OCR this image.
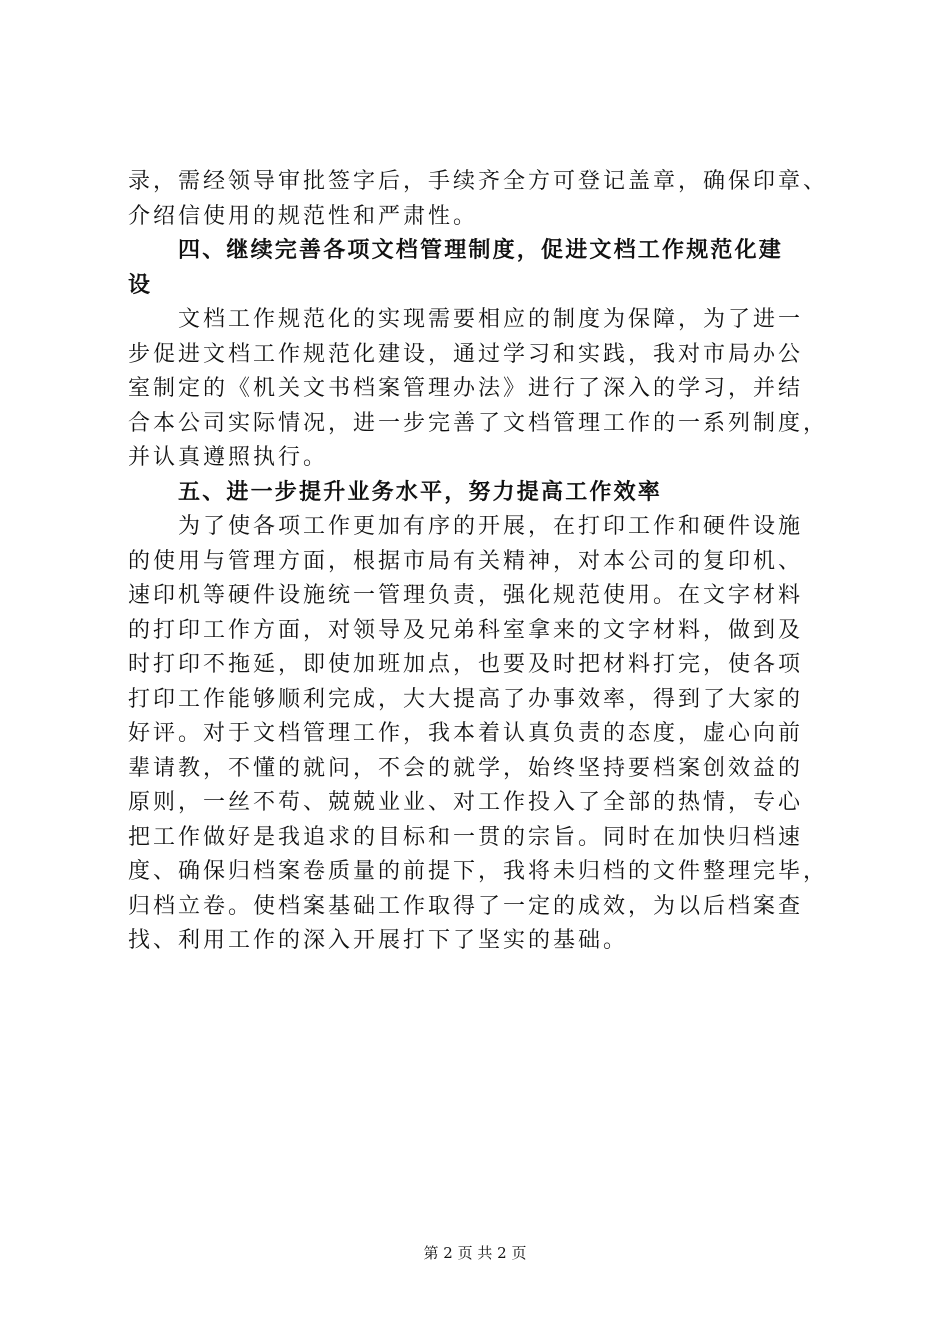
录，需经领导审批签字后，手续齐全方可登记盖章，确保印章、
介绍信使用的规范性和严肃性。
四、继续完善各项文档管理制度，促进文档工作规范化建
设
文档工作规范化的实现需要相应的制度为保障，为了进一
步促进文档工作规范化建设，通过学习和实践，我对市局办公
室制定的《机关文书档案管理办法》进行了深入的学习，并结
合本公司实际情况，进一步完善了文档管理工作的一系列制度，
并认真遵照执行。
五、进一步提升业务水平，努力提高工作效率
为了使各项工作更加有序的开展，在打印工作和硬件设施
的使用与管理方面，根据市局有关精神，对本公司的复印机、
速印机等硬件设施统一管理负责，强化规范使用。在文字材料
的打印工作方面，对领导及兄弟科室拿来的文字材料，做到及
时打印不拖延，即使加班加点，也要及时把材料打完，使各项
打印工作能够顺利完成，大大提高了办事效率，得到了大家的
好评。对于文档管理工作，我本着认真负责的态度，虚心向前
辈请教，不懂的就问，不会的就学，始终坚持要档案创效益的
原则，一丝不苟、兢兢业业、对工作投入了全部的热情，专心
把工作做好是我追求的目标和一贯的宗旨。同时在加快归档速
度、确保归档案卷质量的前提下，我将未归档的文件整理完毕，
归档立卷。使档案基础工作取得了一定的成效，为以后档案查
找、利用工作的深入开展打下了坚实的基础。
第 2 页 共 2 页
